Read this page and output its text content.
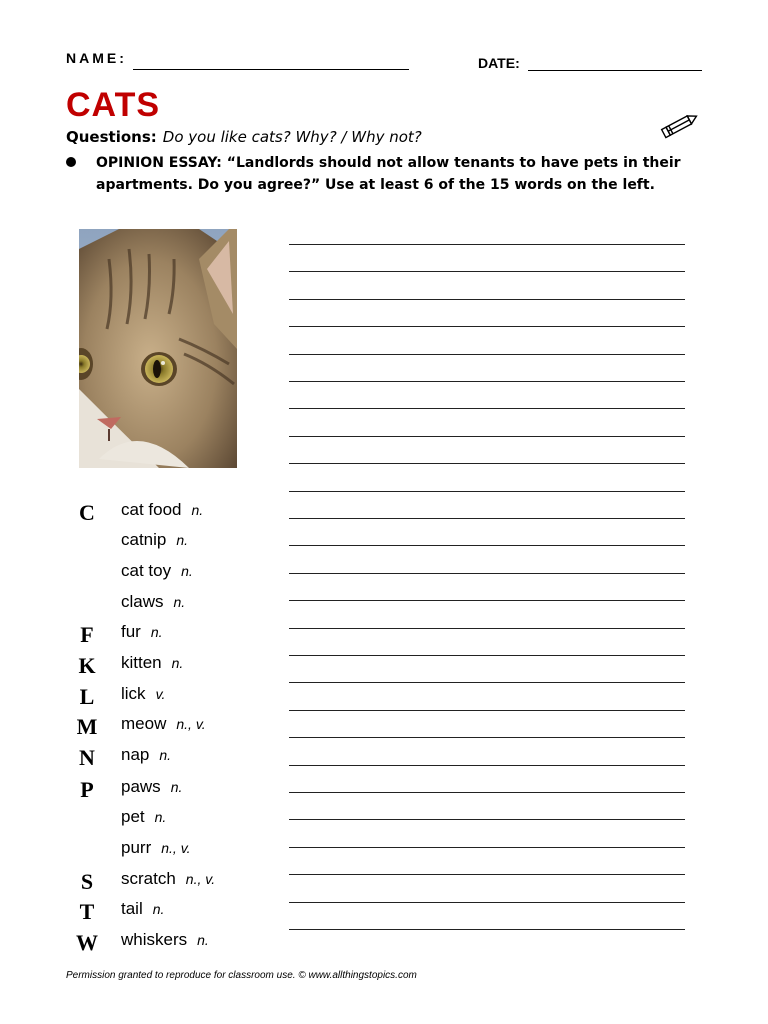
NAME:	DATE:
CATS
Questions: Do you like cats? Why? / Why not?
OPINION ESSAY: “Landlords should not allow tenants to have pets in their apartments. Do you agree?” Use at least 6 of the 15 words on the left.
C
F
K
L
M
N
P
S
T
W
cat food n.
catnip n.
cat toy n.
claws n.
fur n.
kitten n.
lick v.
meow n., v.
nap n.
paws n.
pet n.
purr n., v.
scratch n., v.
tail n.
whiskers n.
Permission granted to reproduce for classroom use. © www.allthingstopics.com
